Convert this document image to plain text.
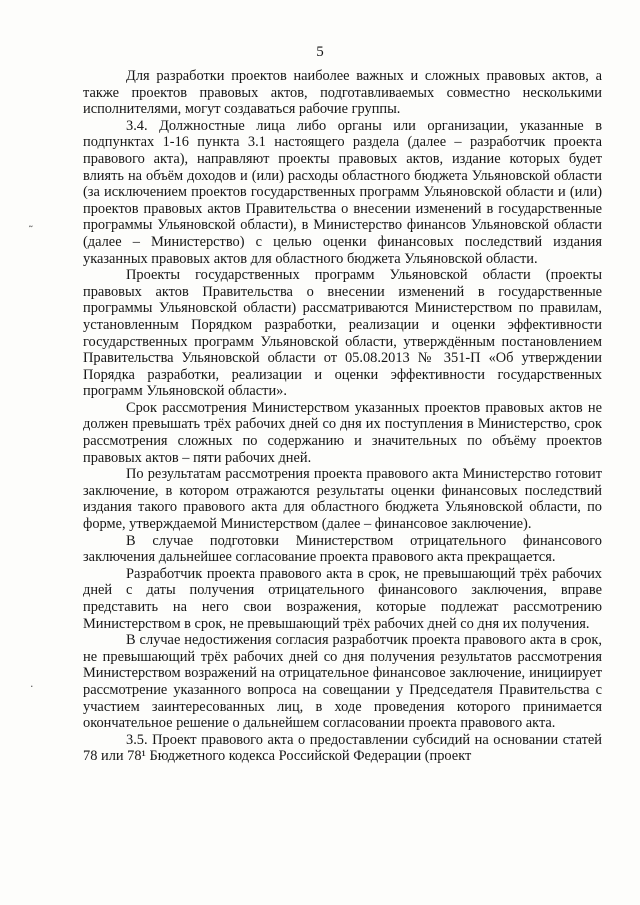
5

Для разработки проектов наиболее важных и сложных правовых актов, а также проектов правовых актов, подготавливаемых совместно несколькими исполнителями, могут создаваться рабочие группы.

3.4. Должностные лица либо органы или организации, указанные в подпунктах 1-16 пункта 3.1 настоящего раздела (далее – разработчик проекта правового акта), направляют проекты правовых актов, издание которых будет влиять на объём доходов и (или) расходы областного бюджета Ульяновской области (за исключением проектов государственных программ Ульяновской области и (или) проектов правовых актов Правительства о внесении изменений в государственные программы Ульяновской области), в Министерство финансов Ульяновской области (далее – Министерство) с целью оценки финансовых последствий издания указанных правовых актов для областного бюджета Ульяновской области.

Проекты государственных программ Ульяновской области (проекты правовых актов Правительства о внесении изменений в государственные программы Ульяновской области) рассматриваются Министерством по правилам, установленным Порядком разработки, реализации и оценки эффективности государственных программ Ульяновской области, утверждённым постановлением Правительства Ульяновской области от 05.08.2013 № 351-П «Об утверждении Порядка разработки, реализации и оценки эффективности государственных программ Ульяновской области».

Срок рассмотрения Министерством указанных проектов правовых актов не должен превышать трёх рабочих дней со дня их поступления в Министерство, срок рассмотрения сложных по содержанию и значительных по объёму проектов правовых актов – пяти рабочих дней.

По результатам рассмотрения проекта правового акта Министерство готовит заключение, в котором отражаются результаты оценки финансовых последствий издания такого правового акта для областного бюджета Ульяновской области, по форме, утверждаемой Министерством (далее – финансовое заключение).

В случае подготовки Министерством отрицательного финансового заключения дальнейшее согласование проекта правового акта прекращается.

Разработчик проекта правового акта в срок, не превышающий трёх рабочих дней с даты получения отрицательного финансового заключения, вправе представить на него свои возражения, которые подлежат рассмотрению Министерством в срок, не превышающий трёх рабочих дней со дня их получения.

В случае недостижения согласия разработчик проекта правового акта в срок, не превышающий трёх рабочих дней со дня получения результатов рассмотрения Министерством возражений на отрицательное финансовое заключение, инициирует рассмотрение указанного вопроса на совещании у Председателя Правительства с участием заинтересованных лиц, в ходе проведения которого принимается окончательное решение о дальнейшем согласовании проекта правового акта.

3.5. Проект правового акта о предоставлении субсидий на основании статей 78 или 78¹ Бюджетного кодекса Российской Федерации (проект

˜
·
